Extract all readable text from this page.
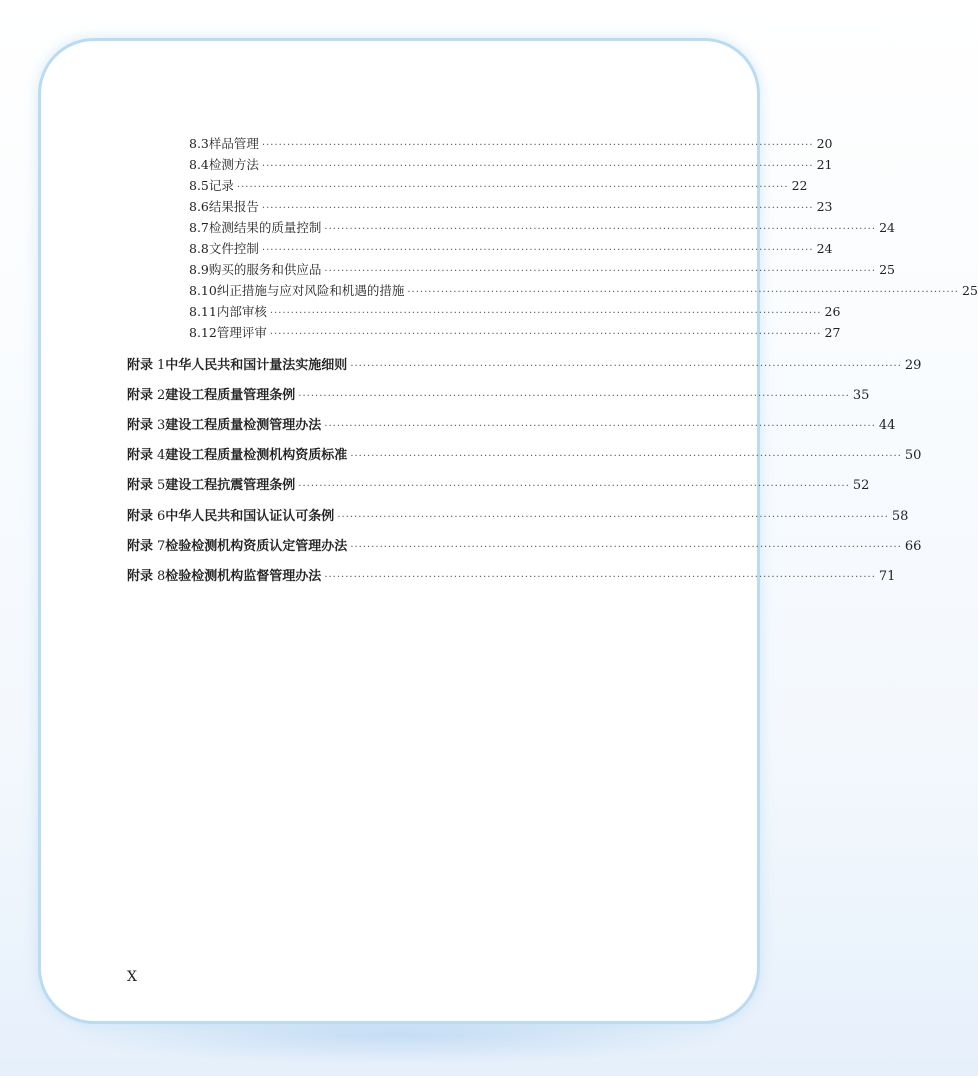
8.3 样品管理 ···································································································································· 20
8.4 检测方法 ···································································································································· 21
8.5 记录 ···································································································································· 22
8.6 结果报告 ···································································································································· 23
8.7 检测结果的质量控制 ···································································································································· 24
8.8 文件控制 ···································································································································· 24
8.9 购买的服务和供应品 ···································································································································· 25
8.10 纠正措施与应对风险和机遇的措施 ···································································································································· 25
8.11 内部审核 ···································································································································· 26
8.12 管理评审 ···································································································································· 27
附录 1 中华人民共和国计量法实施细则 ···································································································································· 29
附录 2 建设工程质量管理条例 ···································································································································· 35
附录 3 建设工程质量检测管理办法 ···································································································································· 44
附录 4 建设工程质量检测机构资质标准 ···································································································································· 50
附录 5 建设工程抗震管理条例 ···································································································································· 52
附录 6 中华人民共和国认证认可条例 ···································································································································· 58
附录 7 检验检测机构资质认定管理办法 ···································································································································· 66
附录 8 检验检测机构监督管理办法 ···································································································································· 71
X
